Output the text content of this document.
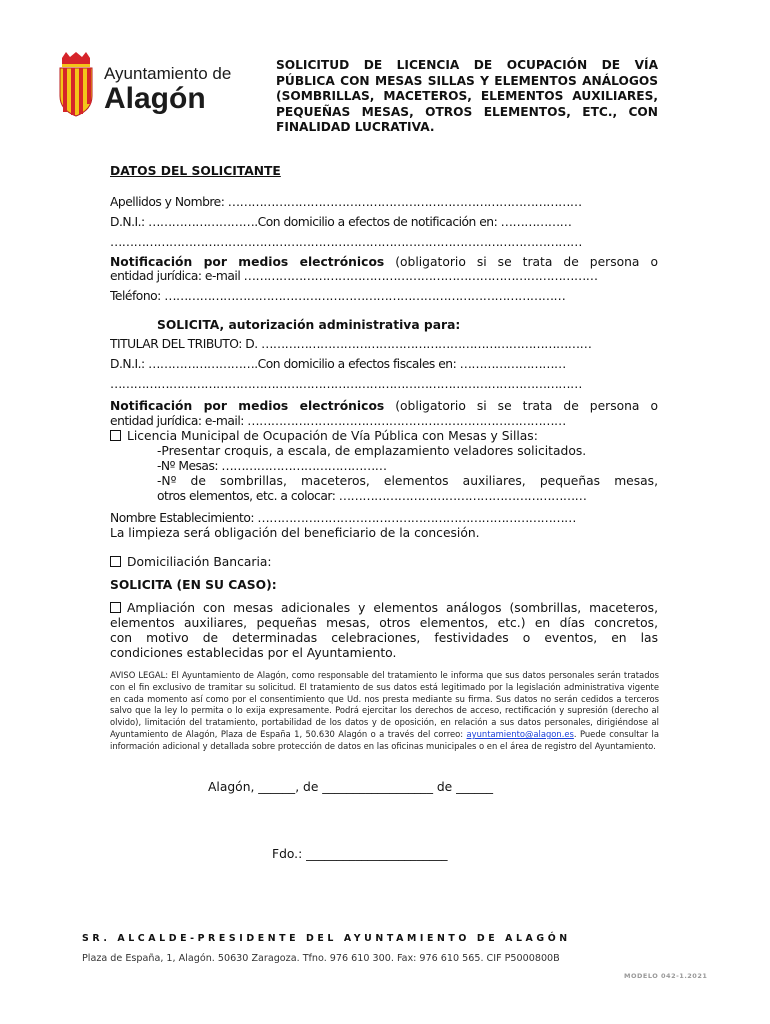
Ayuntamiento de
Alagón
SOLICITUD DE LICENCIA DE OCUPACIÓN DE VÍA PÚBLICA CON MESAS SILLAS Y ELEMENTOS ANÁLOGOS (SOMBRILLAS, MACETEROS, ELEMENTOS AUXILIARES, PEQUEÑAS MESAS, OTROS ELEMENTOS, ETC., CON FINALIDAD LUCRATIVA.
DATOS DEL SOLICITANTE
Apellidos y Nombre: ………………………………………………………………………………
D.N.I.: ……………………….Con domicilio a efectos de notificación en: ………………
…………………………………………………………………………………………………………
Notificación por medios electrónicos (obligatorio si se trata de persona o
entidad jurídica: e-mail ………………………………………………………………………………
Teléfono: …………………………………………………………………………………………
SOLICITA, autorización administrativa para:
TITULAR DEL TRIBUTO: D. …………………………………………………………………………
D.N.I.: ……………………….Con domicilio a efectos fiscales en: ………………………
…………………………………………………………………………………………………………
Notificación por medios electrónicos (obligatorio si se trata de persona o
entidad jurídica: e-mail: ………………………………………………………………………
Licencia Municipal de Ocupación de Vía Pública con Mesas y Sillas:
-Presentar croquis, a escala, de emplazamiento veladores solicitados.
-Nº Mesas: ……………………………………
-Nº de sombrillas, maceteros, elementos auxiliares, pequeñas mesas,
otros elementos, etc. a colocar: ………………………………………………………
Nombre Establecimiento: ………………………………………………………………………
La limpieza será obligación del beneficiario de la concesión.
Domiciliación Bancaria:
SOLICITA (EN SU CASO):
Ampliación con mesas adicionales y elementos análogos (sombrillas, maceteros,
elementos auxiliares, pequeñas mesas, otros elementos, etc.) en días concretos,
con motivo de determinadas celebraciones, festividades o eventos, en las
condiciones establecidas por el Ayuntamiento.
AVISO LEGAL: El Ayuntamiento de Alagón, como responsable del tratamiento le informa que sus datos personales serán tratados con el fin exclusivo de tramitar su solicitud. El tratamiento de sus datos está legitimado por la legislación administrativa vigente en cada momento así como por el consentimiento que Ud. nos presta mediante su firma. Sus datos no serán cedidos a terceros salvo que la ley lo permita o lo exija expresamente. Podrá ejercitar los derechos de acceso, rectificación y supresión (derecho al olvido), limitación del tratamiento, portabilidad de los datos y de oposición, en relación a sus datos personales, dirigiéndose al Ayuntamiento de Alagón, Plaza de España 1, 50.630 Alagón o a través del correo: ayuntamiento@alagon.es. Puede consultar la información adicional y detallada sobre protección de datos en las oficinas municipales o en el área de registro del Ayuntamiento.
Alagón, ______, de __________________ de ______
Fdo.: _______________________
SR. ALCALDE-PRESIDENTE DEL AYUNTAMIENTO DE ALAGÓN
Plaza de España, 1, Alagón. 50630 Zaragoza. Tfno. 976 610 300. Fax: 976 610 565. CIF P5000800B
MODELO 042-1.2021
